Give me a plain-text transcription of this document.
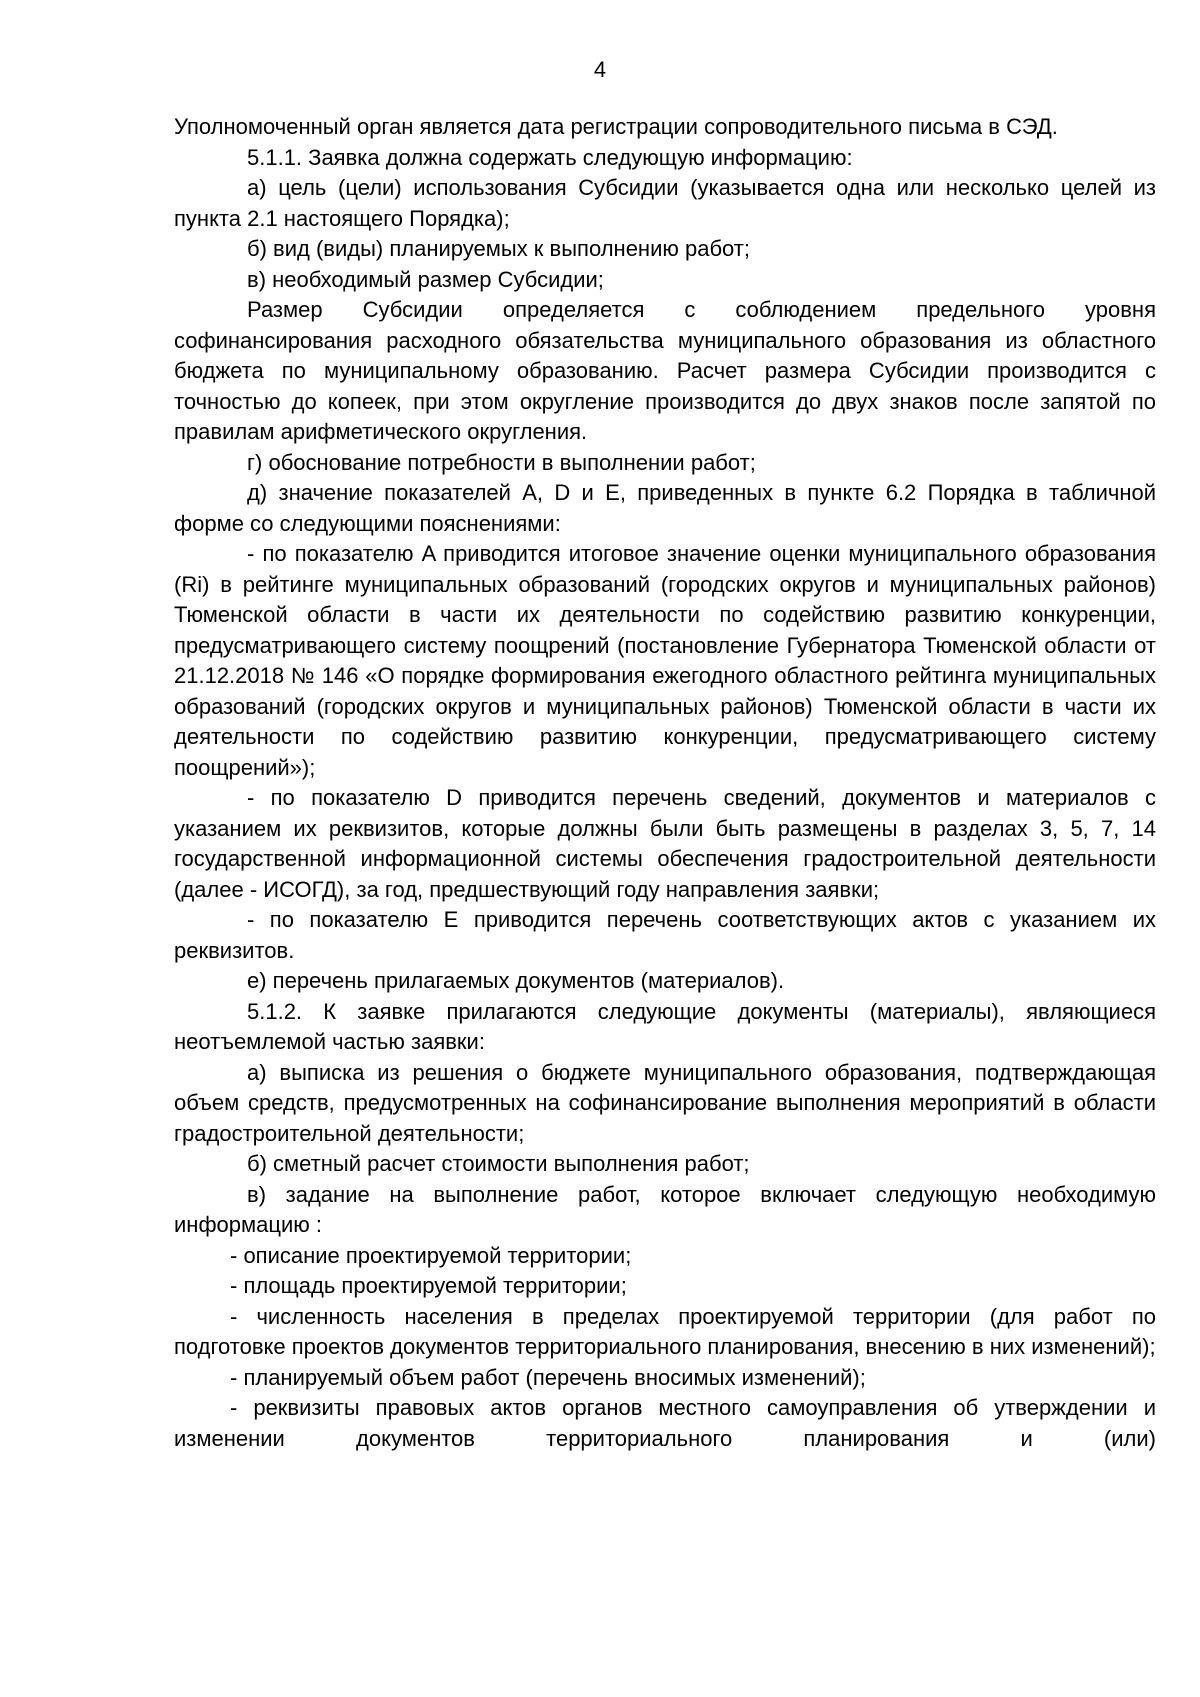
4

Уполномоченный орган является дата регистрации сопроводительного письма в СЭД.

5.1.1. Заявка должна содержать следующую информацию:

а) цель (цели) использования Субсидии (указывается одна или несколько целей из пункта 2.1 настоящего Порядка);

б) вид (виды) планируемых к выполнению работ;

в) необходимый размер Субсидии;

Размер Субсидии определяется с соблюдением предельного уровня софинансирования расходного обязательства муниципального образования из областного бюджета по муниципальному образованию. Расчет размера Субсидии производится с точностью до копеек, при этом округление производится до двух знаков после запятой по правилам арифметического округления.

г) обоснование потребности в выполнении работ;

д) значение показателей A, D и E, приведенных в пункте 6.2 Порядка в табличной форме со следующими пояснениями:

- по показателю A приводится итоговое значение оценки муниципального образования (Ri) в рейтинге муниципальных образований (городских округов и муниципальных районов) Тюменской области в части их деятельности по содействию развитию конкуренции, предусматривающего систему поощрений (постановление Губернатора Тюменской области от 21.12.2018 № 146 «О порядке формирования ежегодного областного рейтинга муниципальных образований (городских округов и муниципальных районов) Тюменской области в части их деятельности по содействию развитию конкуренции, предусматривающего систему поощрений»);

- по показателю D приводится перечень сведений, документов и материалов с указанием их реквизитов, которые должны были быть размещены в разделах 3, 5, 7, 14 государственной информационной системы обеспечения градостроительной деятельности (далее - ИСОГД), за год, предшествующий году направления заявки;

- по показателю E приводится перечень соответствующих актов с указанием их реквизитов.

е) перечень прилагаемых документов (материалов).

5.1.2. К заявке прилагаются следующие документы (материалы), являющиеся неотъемлемой частью заявки:

а) выписка из решения о бюджете муниципального образования, подтверждающая объем средств, предусмотренных на софинансирование выполнения мероприятий в области градостроительной деятельности;

б) сметный расчет стоимости выполнения работ;

в) задание на выполнение работ, которое включает следующую необходимую информацию :

- описание проектируемой территории;

- площадь проектируемой территории;

- численность населения в пределах проектируемой территории (для работ по подготовке проектов документов территориального планирования, внесению в них изменений);

- планируемый объем работ (перечень вносимых изменений);

- реквизиты правовых актов органов местного самоуправления об утверждении и изменении документов территориального планирования и (или)
